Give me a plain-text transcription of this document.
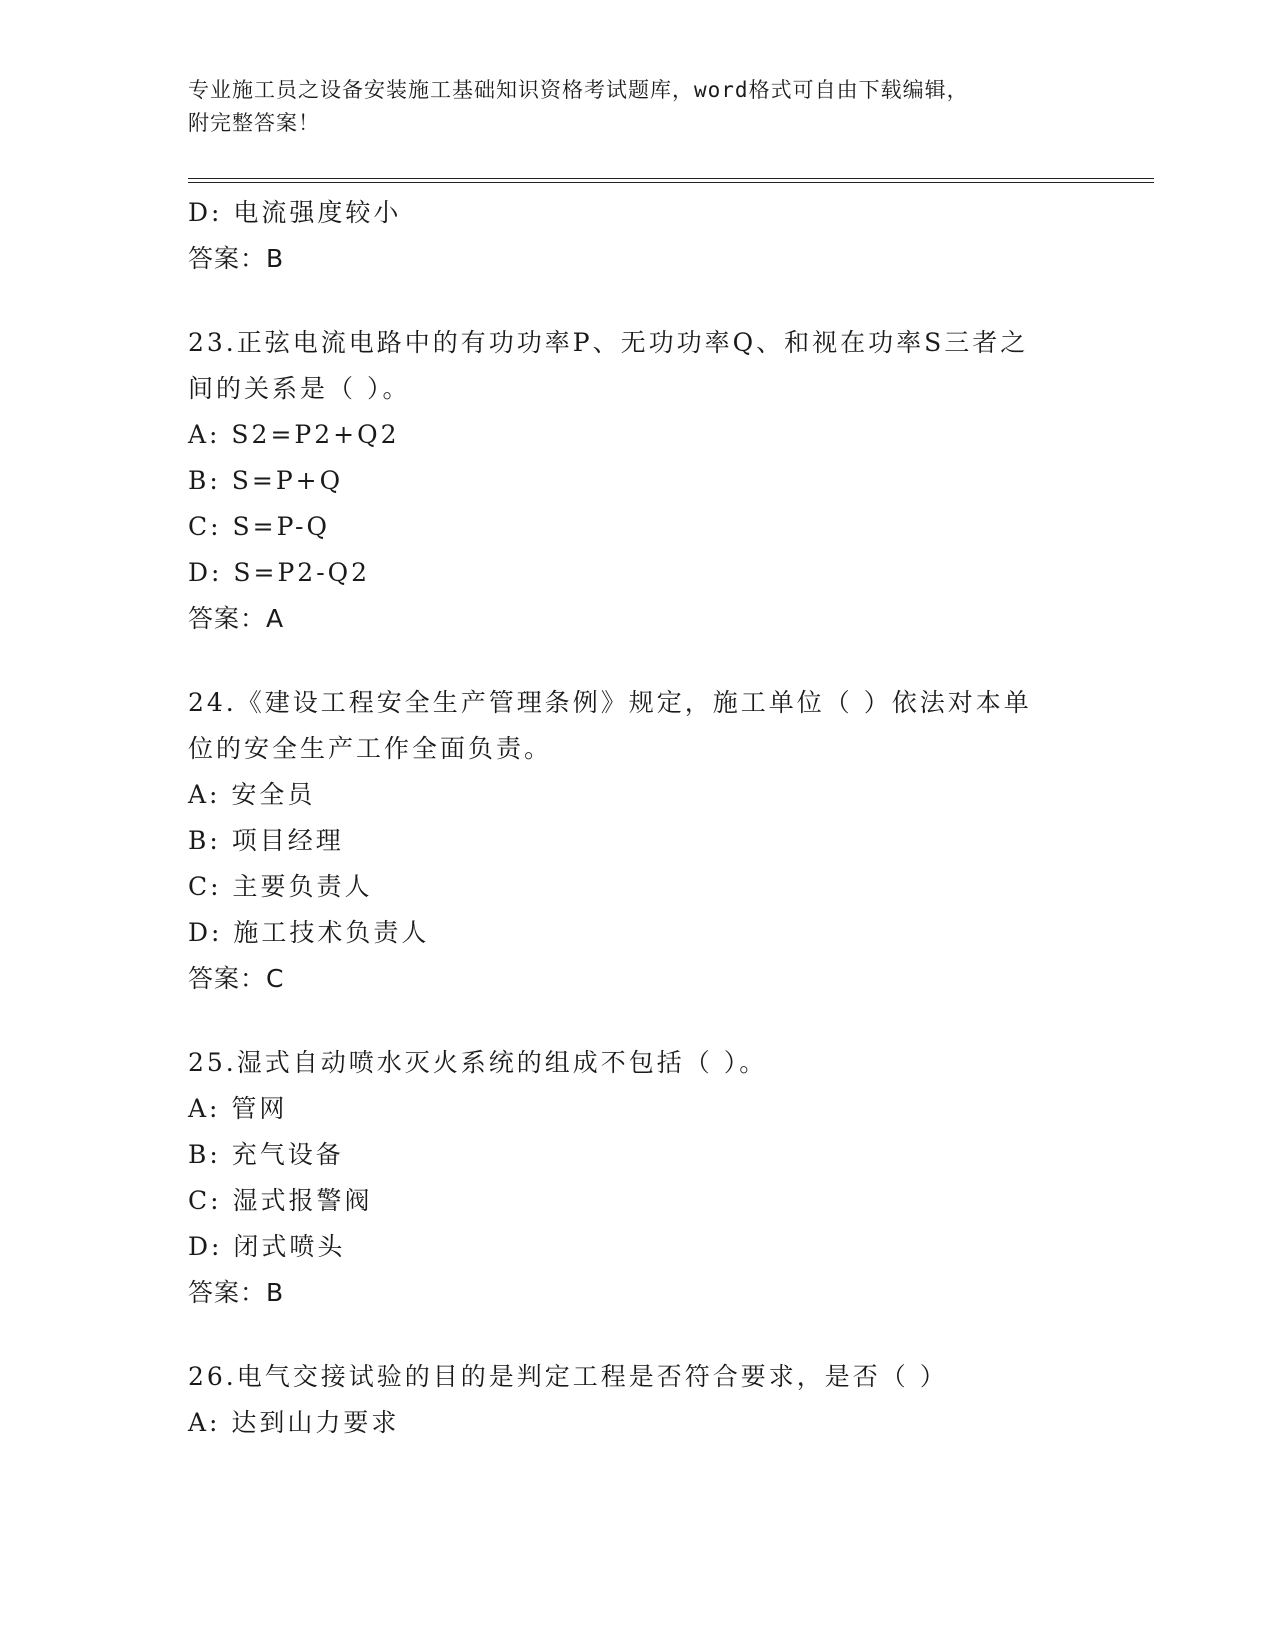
专业施工员之设备安装施工基础知识资格考试题库，word格式可自由下载编辑，
附完整答案！
D: 电流强度较小
答案：B
23.正弦电流电路中的有功功率P、无功功率Q、和视在功率S三者之
间的关系是（ ）。
A: S2=P2+Q2
B: S=P+Q
C: S=P-Q
D: S=P2-Q2
答案：A
24.《建设工程安全生产管理条例》规定，施工单位（ ）依法对本单
位的安全生产工作全面负责。
A: 安全员
B: 项目经理
C: 主要负责人
D: 施工技术负责人
答案：C
25.湿式自动喷水灭火系统的组成不包括（ ）。
A: 管网
B: 充气设备
C: 湿式报警阀
D: 闭式喷头
答案：B
26.电气交接试验的目的是判定工程是否符合要求，是否（ ）
A: 达到山力要求
